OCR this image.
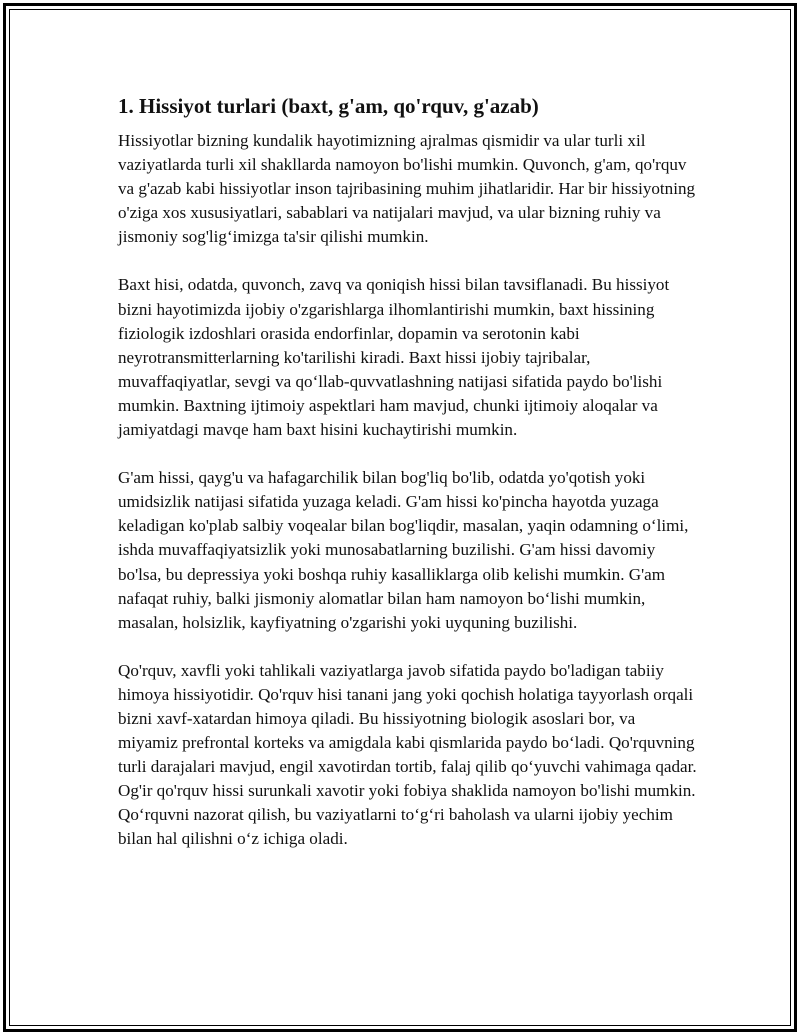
1. Hissiyot turlari (baxt, g'am, qo'rquv, g'azab)

Hissiyotlar bizning kundalik hayotimizning ajralmas qismidir va ular turli xil vaziyatlarda turli xil shakllarda namoyon bo'lishi mumkin. Quvonch, g'am, qo'rquv va g'azab kabi hissiyotlar inson tajribasining muhim jihatlaridir. Har bir hissiyotning o'ziga xos xususiyatlari, sabablari va natijalari mavjud, va ular bizning ruhiy va jismoniy sog'lig‘imizga ta'sir qilishi mumkin.

Baxt hisi, odatda, quvonch, zavq va qoniqish hissi bilan tavsiflanadi. Bu hissiyot bizni hayotimizda ijobiy o'zgarishlarga ilhomlantirishi mumkin, baxt hissining fiziologik izdoshlari orasida endorfinlar, dopamin va serotonin kabi neyrotransmitterlarning ko'tarilishi kiradi. Baxt hissi ijobiy tajribalar, muvaffaqiyatlar, sevgi va qo‘llab-quvvatlashning natijasi sifatida paydo bo'lishi mumkin. Baxtning ijtimoiy aspektlari ham mavjud, chunki ijtimoiy aloqalar va jamiyatdagi mavqe ham baxt hisini kuchaytirishi mumkin.

G'am hissi, qayg'u va hafagarchilik bilan bog'liq bo'lib, odatda yo'qotish yoki umidsizlik natijasi sifatida yuzaga keladi. G'am hissi ko'pincha hayotda yuzaga keladigan ko'plab salbiy voqealar bilan bog'liqdir, masalan, yaqin odamning o‘limi, ishda muvaffaqiyatsizlik yoki munosabatlarning buzilishi. G'am hissi davomiy bo'lsa, bu depressiya yoki boshqa ruhiy kasalliklarga olib kelishi mumkin. G'am nafaqat ruhiy, balki jismoniy alomatlar bilan ham namoyon bo‘lishi mumkin, masalan, holsizlik, kayfiyatning o'zgarishi yoki uyquning buzilishi.

Qo'rquv, xavfli yoki tahlikali vaziyatlarga javob sifatida paydo bo'ladigan tabiiy himoya hissiyotidir. Qo'rquv hisi tanani jang yoki qochish holatiga tayyorlash orqali bizni xavf-xatardan himoya qiladi. Bu hissiyotning biologik asoslari bor, va miyamiz prefrontal korteks va amigdala kabi qismlarida paydo bo‘ladi. Qo'rquvning turli darajalari mavjud, engil xavotirdan tortib, falaj qilib qo‘yuvchi vahimaga qadar. Og'ir qo'rquv hissi surunkali xavotir yoki fobiya shaklida namoyon bo'lishi mumkin. Qo‘rquvni nazorat qilish, bu vaziyatlarni to‘g‘ri baholash va ularni ijobiy yechim bilan hal qilishni o‘z ichiga oladi.
